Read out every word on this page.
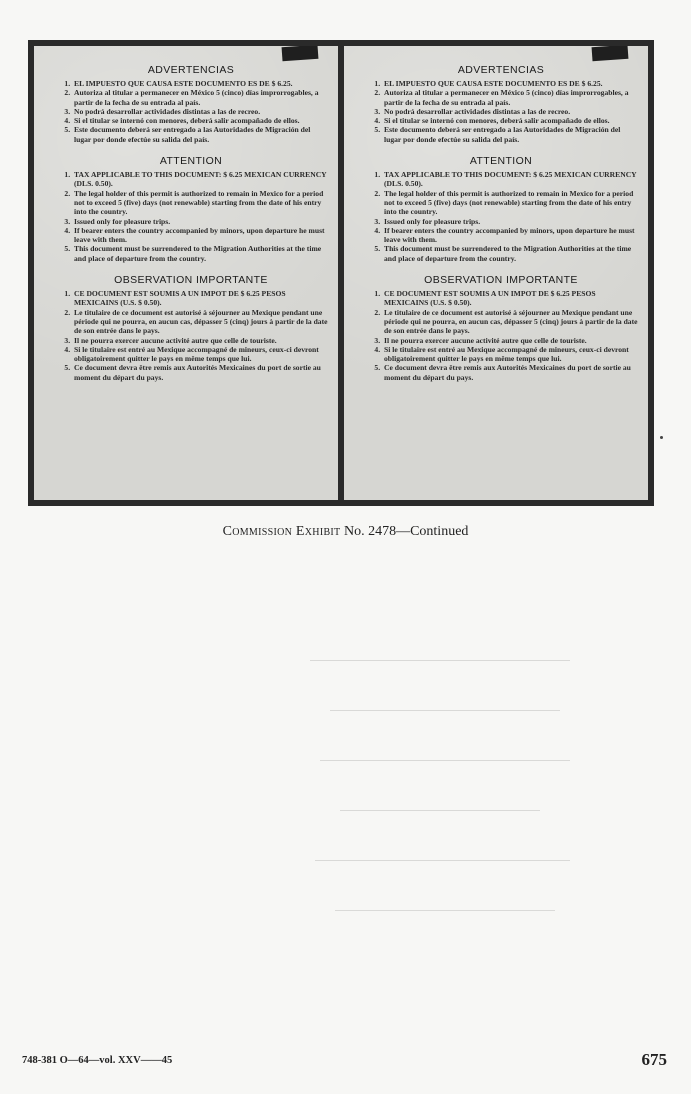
ADVERTENCIAS
1. EL IMPUESTO QUE CAUSA ESTE DOCUMENTO ES DE $ 6.25.
2. Autoriza al titular a permanecer en México 5 (cinco) días improrrogables, a partir de la fecha de su entrada al país.
3. No podrá desarrollar actividades distintas a las de recreo.
4. Si el titular se internó con menores, deberá salir acompañado de ellos.
5. Este documento deberá ser entregado a las Autoridades de Migración del lugar por donde efectúe su salida del país.
ATTENTION
1. TAX APPLICABLE TO THIS DOCUMENT: $ 6.25 MEXICAN CURRENCY (DLS. 0.50).
2. The legal holder of this permit is authorized to remain in Mexico for a period not to exceed 5 (five) days (not renewable) starting from the date of his entry into the country.
3. Issued only for pleasure trips.
4. If bearer enters the country accompanied by minors, upon departure he must leave with them.
5. This document must be surrendered to the Migration Authorities at the time and place of departure from the country.
OBSERVATION IMPORTANTE
1. CE DOCUMENT EST SOUMIS A UN IMPOT DE $ 6.25 PESOS MEXICAINS (U.S. $ 0.50).
2. Le titulaire de ce document est autorisé à séjourner au Mexique pendant une période qui ne pourra, en aucun cas, dépasser 5 (cinq) jours à partir de la date de son entrée dans le pays.
3. Il ne pourra exercer aucune activité autre que celle de touriste.
4. Si le titulaire est entré au Mexique accompagné de mineurs, ceux-ci devront obligatoirement quitter le pays en même temps que lui.
5. Ce document devra être remis aux Autorités Mexicaines du port de sortie au moment du départ du pays.
ADVERTENCIAS
1. EL IMPUESTO QUE CAUSA ESTE DOCUMENTO ES DE $ 6.25.
2. Autoriza al titular a permanecer en México 5 (cinco) días improrrogables, a partir de la fecha de su entrada al país.
3. No podrá desarrollar actividades distintas a las de recreo.
4. Si el titular se internó con menores, deberá salir acompañado de ellos.
5. Este documento deberá ser entregado a las Autoridades de Migración del lugar por donde efectúe su salida del país.
ATTENTION
1. TAX APPLICABLE TO THIS DOCUMENT: $ 6.25 MEXICAN CURRENCY (DLS. 0.50).
2. The legal holder of this permit is authorized to remain in Mexico for a period not to exceed 5 (five) days (not renewable) starting from the date of his entry into the country.
3. Issued only for pleasure trips.
4. If bearer enters the country accompanied by minors, upon departure he must leave with them.
5. This document must be surrendered to the Migration Authorities at the time and place of departure from the country.
OBSERVATION IMPORTANTE
1. CE DOCUMENT EST SOUMIS A UN IMPOT DE $ 6.25 PESOS MEXICAINS (U.S. $ 0.50).
2. Le titulaire de ce document est autorisé à séjourner au Mexique pendant une période qui ne pourra, en aucun cas, dépasser 5 (cinq) jours à partir de la date de son entrée dans le pays.
3. Il ne pourra exercer aucune activité autre que celle de touriste.
4. Si le titulaire est entré au Mexique accompagné de mineurs, ceux-ci devront obligatoirement quitter le pays en même temps que lui.
5. Ce document devra être remis aux Autorités Mexicaines du port de sortie au moment du départ du pays.
Commission Exhibit No. 2478—Continued
748-381 O—64—vol. XXV——45	675
